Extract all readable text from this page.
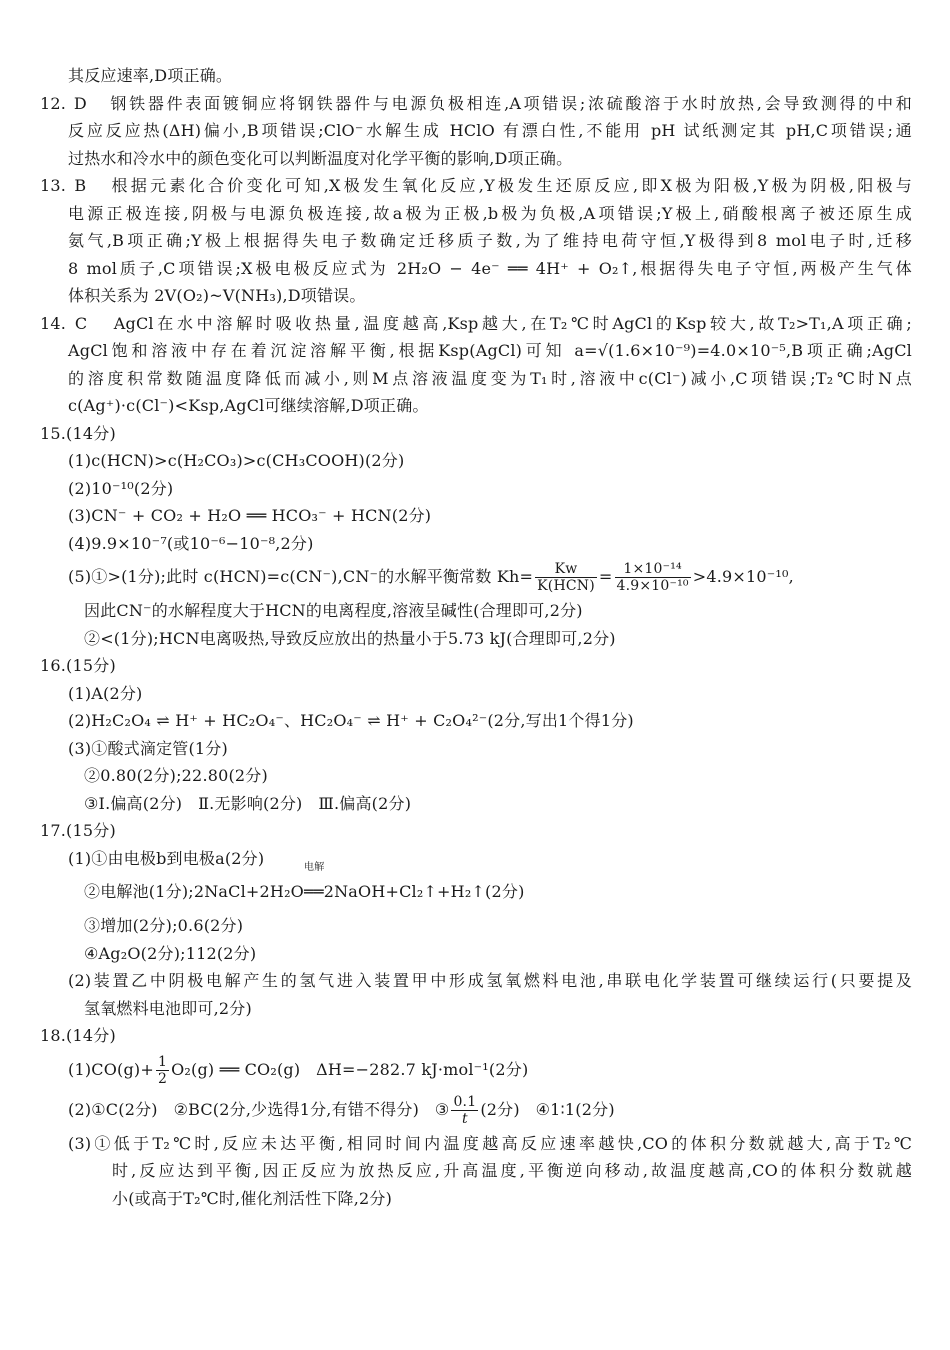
其反应速率,D项正确。
12. D 钢铁器件表面镀铜应将钢铁器件与电源负极相连,A项错误;浓硫酸溶于水时放热,会导致测得的中和
反应反应热(ΔH)偏小,B项错误;ClO⁻水解生成 HClO 有漂白性,不能用 pH 试纸测定其 pH,C项错误;通
过热水和冷水中的颜色变化可以判断温度对化学平衡的影响,D项正确。
13. B 根据元素化合价变化可知,X极发生氧化反应,Y极发生还原反应,即X极为阳极,Y极为阴极,阳极与
电源正极连接,阴极与电源负极连接,故a极为正极,b极为负极,A项错误;Y极上,硝酸根离子被还原生成
氨气,B项正确;Y极上根据得失电子数确定迁移质子数,为了维持电荷守恒,Y极得到8 mol电子时,迁移
8 mol质子,C项错误;X极电极反应式为 2H₂O − 4e⁻ ══ 4H⁺ + O₂↑,根据得失电子守恒,两极产生气体
体积关系为 2V(O₂)~V(NH₃),D项错误。
14. C AgCl在水中溶解时吸收热量,温度越高,Ksp越大,在T₂℃时AgCl的Ksp较大,故T₂>T₁,A项正确;
AgCl饱和溶液中存在着沉淀溶解平衡,根据Ksp(AgCl)可知 a=√(1.6×10⁻⁹)=4.0×10⁻⁵,B项正确;AgCl
的溶度积常数随温度降低而减小,则M点溶液温度变为T₁时,溶液中c(Cl⁻)减小,C项错误;T₂℃时N点
c(Ag⁺)·c(Cl⁻)<Ksp,AgCl可继续溶解,D项正确。
15.(14分)
(1)c(HCN)>c(H₂CO₃)>c(CH₃COOH)(2分)
(2)10⁻¹⁰(2分)
(3)CN⁻ + CO₂ + H₂O ══ HCO₃⁻ + HCN(2分)
(4)9.9×10⁻⁷(或10⁻⁶−10⁻⁸,2分)
(5)①>(1分);此时 c(HCN)=c(CN⁻),CN⁻的水解平衡常数 $Kh= \frac{Kw}{\text{K(HCN)}} = \frac{\text{1×10⁻¹⁴}}{\text{4.9×10⁻¹⁰}} >4.9\times 10^{-10}$,
因此CN⁻的水解程度大于HCN的电离程度,溶液呈碱性(合理即可,2分)
②<(1分);HCN电离吸热,导致反应放出的热量小于5.73 kJ(合理即可,2分)
16.(15分)
(1)A(2分)
(2)H₂C₂O₄ ⇌ H⁺ + HC₂O₄⁻、HC₂O₄⁻ ⇌ H⁺ + C₂O₄²⁻(2分,写出1个得1分)
(3)①酸式滴定管(1分)
②0.80(2分);22.80(2分)
③Ⅰ.偏高(2分)   Ⅱ.无影响(2分)   Ⅲ.偏高(2分)
17.(15分)
(1)①由电极b到电极a(2分)
②电解池(1分);2NaCl+2H₂O
电解
══2NaOH+Cl₂↑+H₂↑(2分)
③增加(2分);0.6(2分)
④Ag₂O(2分);112(2分)
(2)装置乙中阴极电解产生的氢气进入装置甲中形成氢氧燃料电池,串联电化学装置可继续运行(只要提及
氢氧燃料电池即可,2分)
18.(14分)
$(1)CO(g)+ \frac{1}{2} O_2(g)$ ══ CO₂(g)   ΔH=−282.7 kJ·mol⁻¹(2分)
(2)①C(2分)   ②BC(2分,少选得1分,有错不得分)   ③ $\frac{0.1}{t} (2$分)   ④1∶1(2分)
(3)①低于T₂℃时,反应未达平衡,相同时间内温度越高反应速率越快,CO的体积分数就越大,高于T₂℃
时,反应达到平衡,因正反应为放热反应,升高温度,平衡逆向移动,故温度越高,CO的体积分数就越
小(或高于T₂℃时,催化剂活性下降,2分)
